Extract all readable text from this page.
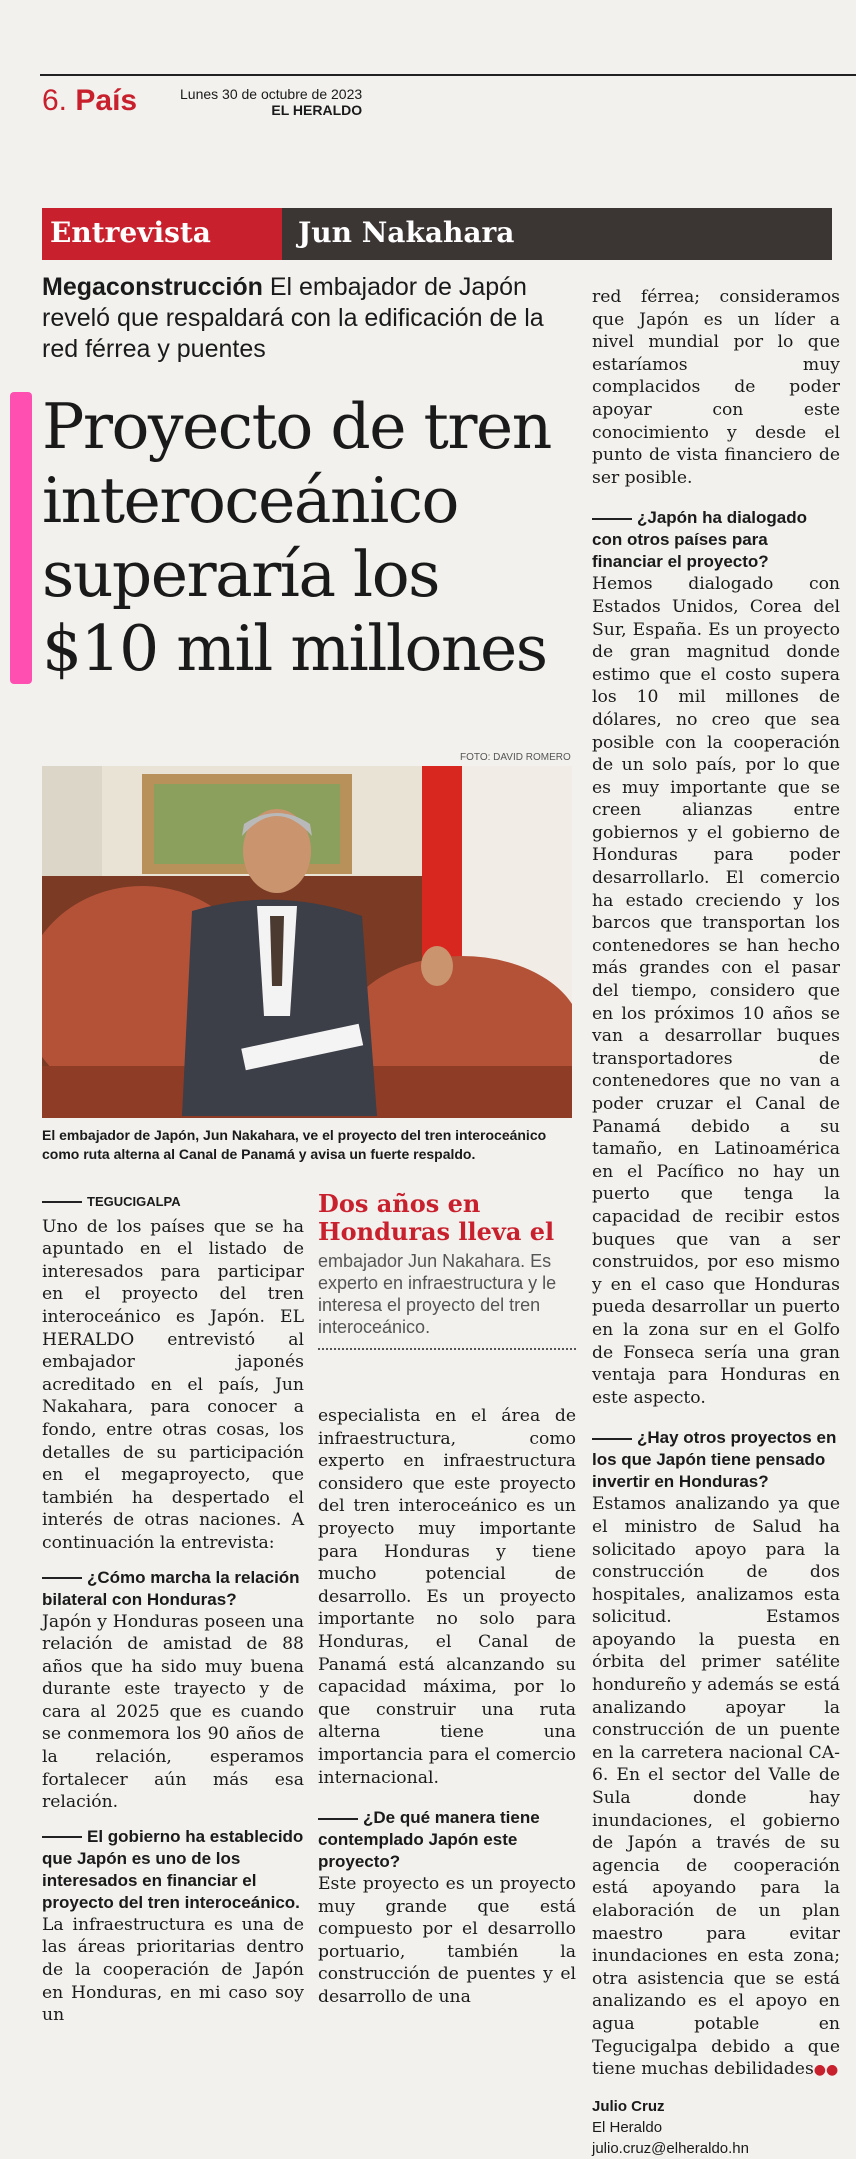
6. País	Lunes 30 de octubre de 2023
EL HERALDO
Entrevista	Jun Nakahara
Megaconstrucción El embajador de Japón reveló que respaldará con la edificación de la red férrea y puentes
Proyecto de tren
interoceánico
superaría los
$10 mil millones
FOTO: DAVID ROMERO
El embajador de Japón, Jun Nakahara, ve el proyecto del tren interoceánico como ruta alterna al Canal de Panamá y avisa un fuerte respaldo.
TEGUCIGALPA

Uno de los países que se ha apuntado en el listado de interesados para participar en el proyecto del tren interoceánico es Japón. EL HERALDO entrevistó al embajador japonés acreditado en el país, Jun Nakahara, para conocer a fondo, entre otras cosas, los detalles de su participación en el megaproyecto, que también ha despertado el interés de otras naciones. A continuación la entrevista:

¿Cómo marcha la relación bilateral con Honduras?

Japón y Honduras poseen una relación de amistad de 88 años que ha sido muy buena durante este trayecto y de cara al 2025 que es cuando se conmemora los 90 años de la relación, esperamos fortalecer aún más esa relación.

El gobierno ha establecido que Japón es uno de los interesados en financiar el proyecto del tren interoceánico.

La infraestructura es una de las áreas prioritarias dentro de la cooperación de Japón en Honduras, en mi caso soy un

Dos años en Honduras lleva el
embajador Jun Nakahara. Es experto en infraestructura y le interesa el proyecto del tren interoceánico.

especialista en el área de infraestructura, como experto en infraestructura considero que este proyecto del tren interoceánico es un proyecto muy importante para Honduras y tiene mucho potencial de desarrollo. Es un proyecto importante no solo para Honduras, el Canal de Panamá está alcanzando su capacidad máxima, por lo que construir una ruta alterna tiene una importancia para el comercio internacional.

¿De qué manera tiene contemplado Japón este proyecto?

Este proyecto es un proyecto muy grande que está compuesto por el desarrollo portuario, también la construcción de puentes y el desarrollo de una

red férrea; consideramos que Japón es un líder a nivel mundial por lo que estaríamos muy complacidos de poder apoyar con este conocimiento y desde el punto de vista financiero de ser posible.

¿Japón ha dialogado con otros países para financiar el proyecto?

Hemos dialogado con Estados Unidos, Corea del Sur, España. Es un proyecto de gran magnitud donde estimo que el costo supera los 10 mil millones de dólares, no creo que sea posible con la cooperación de un solo país, por lo que es muy importante que se creen alianzas entre gobiernos y el gobierno de Honduras para poder desarrollarlo. El comercio ha estado creciendo y los barcos que transportan los contenedores se han hecho más grandes con el pasar del tiempo, considero que en los próximos 10 años se van a desarrollar buques transportadores de contenedores que no van a poder cruzar el Canal de Panamá debido a su tamaño, en Latinoamérica en el Pacífico no hay un puerto que tenga la capacidad de recibir estos buques que van a ser construidos, por eso mismo y en el caso que Honduras pueda desarrollar un puerto en la zona sur en el Golfo de Fonseca sería una gran ventaja para Honduras en este aspecto.

¿Hay otros proyectos en los que Japón tiene pensado invertir en Honduras?

Estamos analizando ya que el ministro de Salud ha solicitado apoyo para la construcción de dos hospitales, analizamos esta solicitud. Estamos apoyando la puesta en órbita del primer satélite hondureño y además se está analizando apoyar la construcción de un puente en la carretera nacional CA-6. En el sector del Valle de Sula donde hay inundaciones, el gobierno de Japón a través de su agencia de cooperación está apoyando para la elaboración de un plan maestro para evitar inundaciones en esta zona; otra asistencia que se está analizando es el apoyo en agua potable en Tegucigalpa debido a que tiene muchas debilidades●●

Julio Cruz
El Heraldo
julio.cruz@elheraldo.hn
